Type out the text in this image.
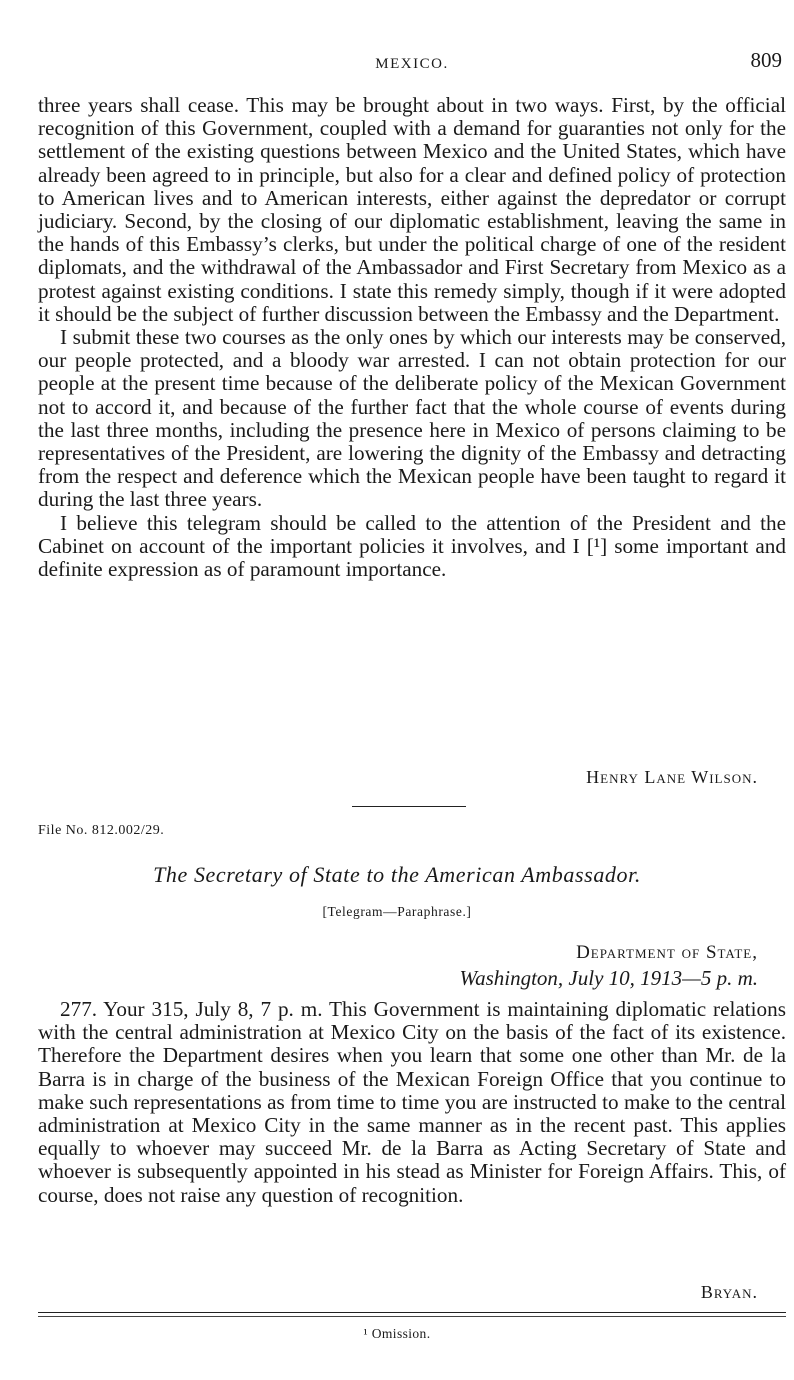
MEXICO.	809

three years shall cease. This may be brought about in two ways. First, by the official recognition of this Government, coupled with a demand for guaranties not only for the settlement of the existing questions between Mexico and the United States, which have already been agreed to in principle, but also for a clear and defined policy of protection to American lives and to American interests, either against the depredator or corrupt judiciary. Second, by the closing of our diplomatic establishment, leaving the same in the hands of this Embassy’s clerks, but under the political charge of one of the resident diplomats, and the withdrawal of the Ambassador and First Secretary from Mexico as a protest against existing conditions. I state this remedy simply, though if it were adopted it should be the subject of further discussion between the Embassy and the Department.

I submit these two courses as the only ones by which our interests may be conserved, our people protected, and a bloody war arrested. I can not obtain protection for our people at the present time because of the deliberate policy of the Mexican Government not to accord it, and because of the further fact that the whole course of events during the last three months, including the presence here in Mexico of persons claiming to be representatives of the President, are lowering the dignity of the Embassy and detracting from the respect and deference which the Mexican people have been taught to regard it during the last three years.

I believe this telegram should be called to the attention of the President and the Cabinet on account of the important policies it involves, and I [¹] some important and definite expression as of paramount importance.

Henry Lane Wilson.
File No. 812.002/29.
The Secretary of State to the American Ambassador.
[Telegram—Paraphrase.]
Department of State,
Washington, July 10, 1913—5 p. m.

277. Your 315, July 8, 7 p. m. This Government is maintaining diplomatic relations with the central administration at Mexico City on the basis of the fact of its existence. Therefore the Department desires when you learn that some one other than Mr. de la Barra is in charge of the business of the Mexican Foreign Office that you continue to make such representations as from time to time you are instructed to make to the central administration at Mexico City in the same manner as in the recent past. This applies equally to whoever may succeed Mr. de la Barra as Acting Secretary of State and whoever is subsequently appointed in his stead as Minister for Foreign Affairs. This, of course, does not raise any question of recognition.

Bryan.
¹ Omission.
